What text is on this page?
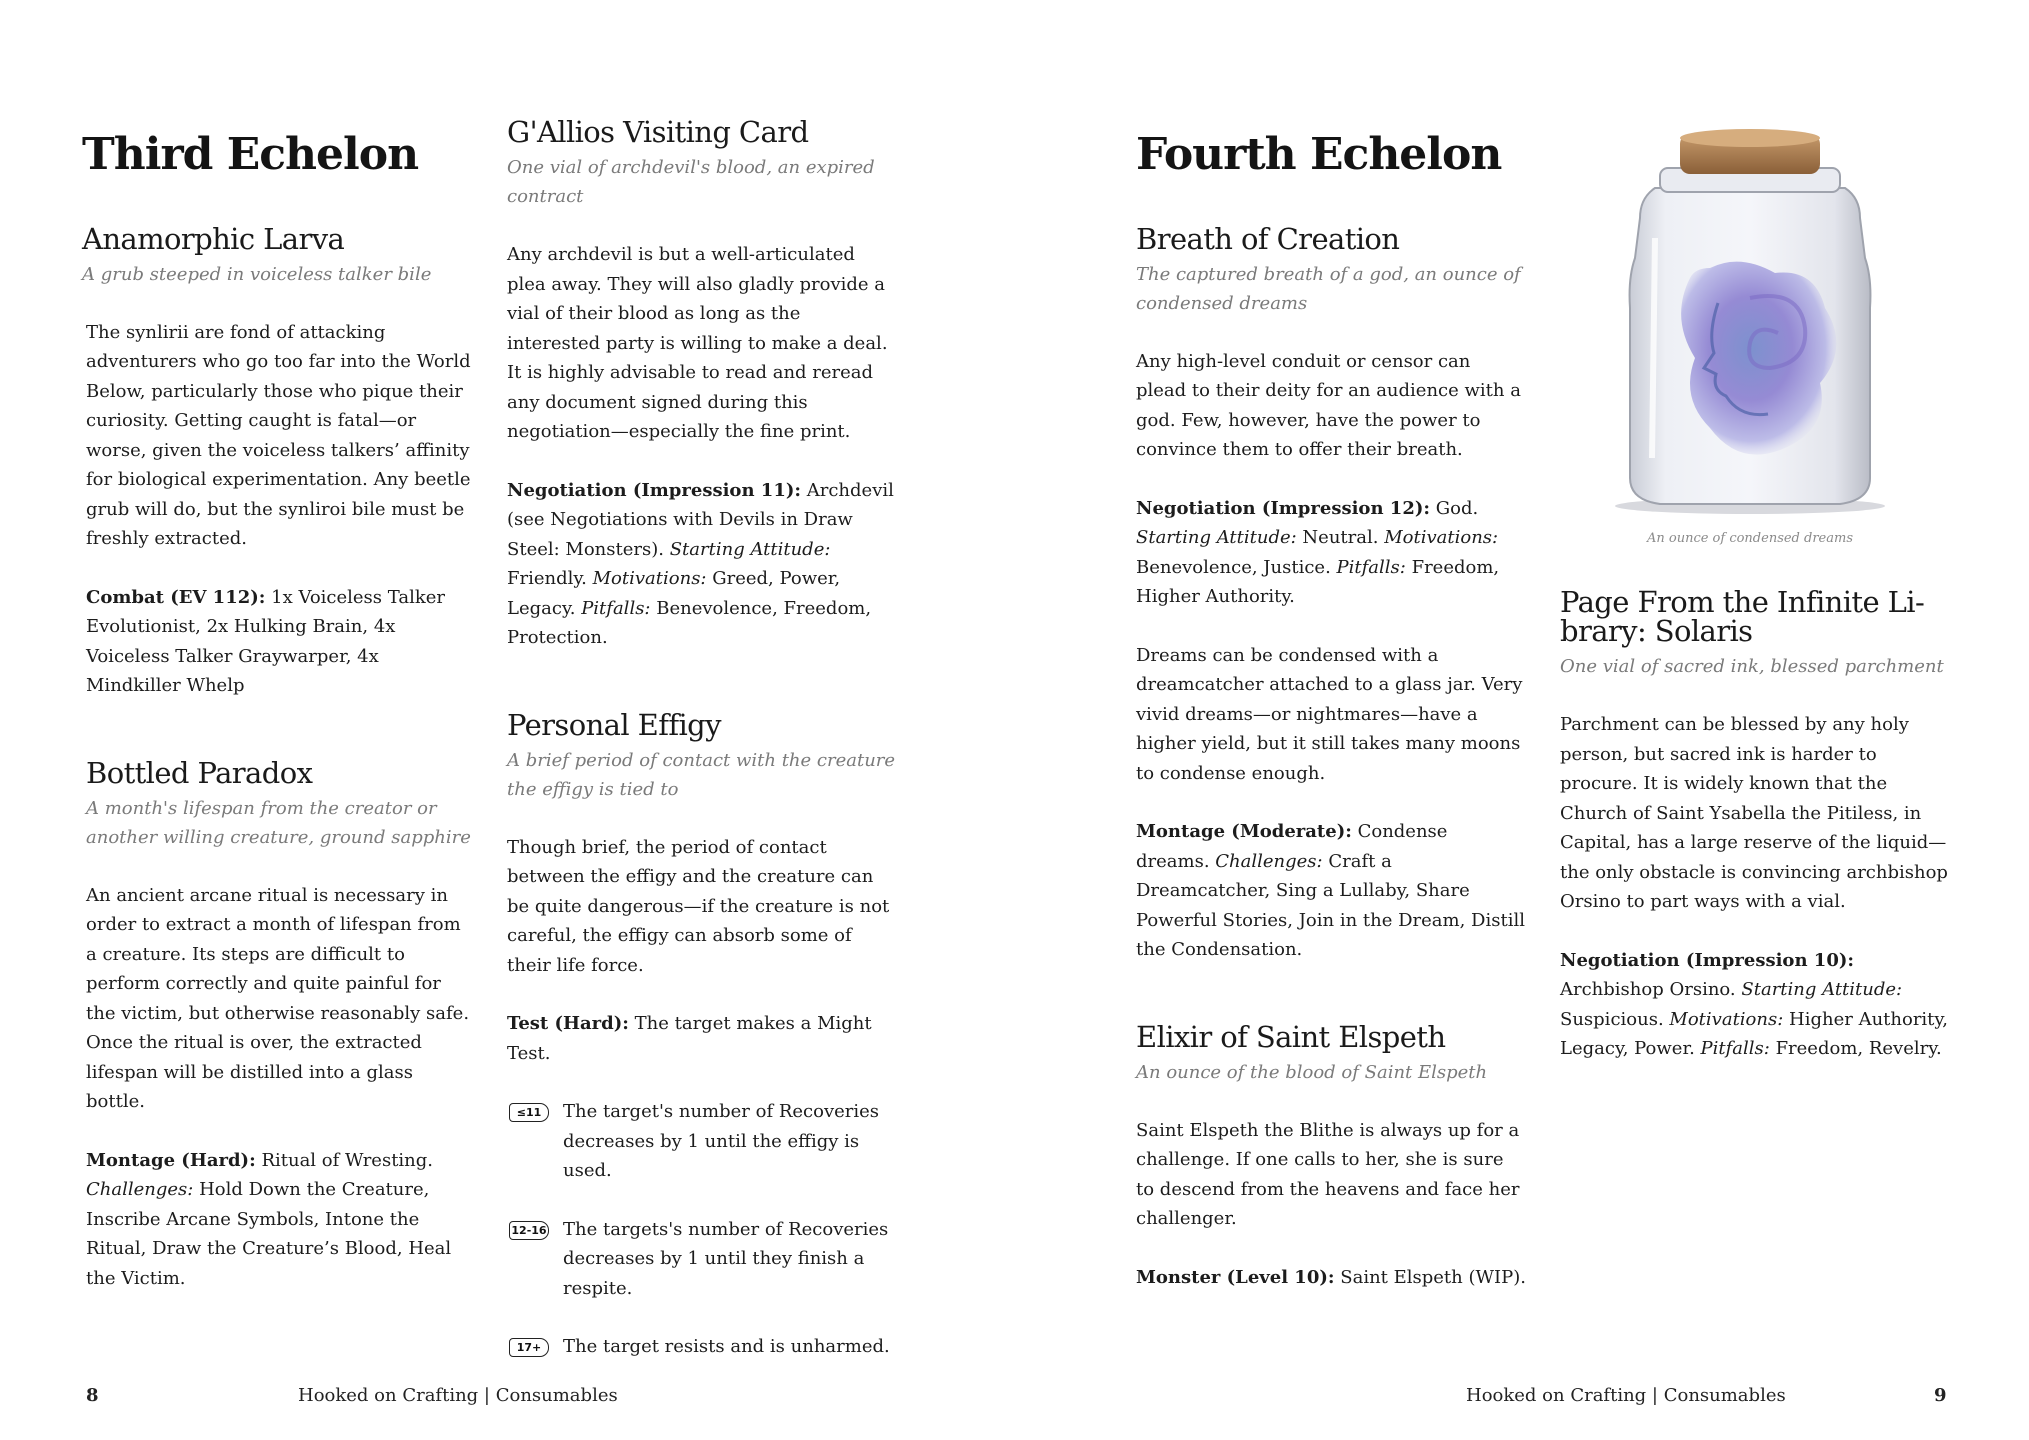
Third Echelon
Anamorphic Larva

A grub steeped in voiceless talker bile

The synlirii are fond of attacking adventurers who go too far into the World Below, particularly those who pique their curiosity. Getting caught is fatal—or worse, given the voiceless talkers’ affinity for biological experimentation. Any beetle grub will do, but the synliroi bile must be freshly extracted.

Combat (EV 112): 1x Voiceless Talker Evolutionist, 2x Hulking Brain, 4x Voiceless Talker Graywarper, 4x Mindkiller Whelp

Bottled Paradox

A month's lifespan from the creator or another willing creature, ground sapphire

An ancient arcane ritual is necessary in order to extract a month of lifespan from a creature. Its steps are difficult to perform correctly and quite painful for the victim, but otherwise reasonably safe. Once the ritual is over, the extracted lifespan will be distilled into a glass bottle.

Montage (Hard): Ritual of Wresting. Challenges: Hold Down the Creature, Inscribe Arcane Symbols, Intone the Ritual, Draw the Creature’s Blood, Heal the Victim.

G'Allios Visiting Card

One vial of archdevil's blood, an expired contract

Any archdevil is but a well-articulated plea away. They will also gladly provide a vial of their blood as long as the interested party is willing to make a deal. It is highly advisable to read and reread any document signed during this negotiation—especially the fine print.

Negotiation (Impression 11): Archdevil (see Negotiations with Devils in Draw Steel: Monsters). Starting Attitude: Friendly. Motivations: Greed, Power, Legacy. Pitfalls: Benevolence, Freedom, Protection.

Personal Effigy

A brief period of contact with the creature the effigy is tied to

Though brief, the period of contact between the effigy and the creature can be quite dangerous—if the creature is not careful, the effigy can absorb some of their life force.

Test (Hard): The target makes a Might Test.

≤11	The target's number of Recoveries decreases by 1 until the effigy is used.
12-16 The targets's number of Recoveries decreases by 1 until they finish a respite.
17+	The target resists and is unharmed.
8	Hooked on Crafting | Consumables
Fourth Echelon
Breath of Creation

The captured breath of a god, an ounce of condensed dreams

Any high-level conduit or censor can plead to their deity for an audience with a god. Few, however, have the power to convince them to offer their breath.

Negotiation (Impression 12): God. Starting Attitude: Neutral. Motivations: Benevolence, Justice. Pitfalls: Freedom, Higher Authority.

Dreams can be condensed with a dreamcatcher attached to a glass jar. Very vivid dreams—or nightmares—have a higher yield, but it still takes many moons to condense enough.

Montage (Moderate): Condense dreams. Challenges: Craft a Dreamcatcher, Sing a Lullaby, Share Powerful Stories, Join in the Dream, Distill the Condensation.

Elixir of Saint Elspeth

An ounce of the blood of Saint Elspeth

Saint Elspeth the Blithe is always up for a challenge. If one calls to her, she is sure to descend from the heavens and face her challenger.

Monster (Level 10): Saint Elspeth (WIP).

An ounce of condensed dreams
Page From the Infinite Li-
brary: Solaris

One vial of sacred ink, blessed parchment

Parchment can be blessed by any holy person, but sacred ink is harder to procure. It is widely known that the Church of Saint Ysabella the Pitiless, in Capital, has a large reserve of the liquid—the only obstacle is convincing archbishop Orsino to part ways with a vial.

Negotiation (Impression 10): Archbishop Orsino. Starting Attitude: Suspicious. Motivations: Higher Authority, Legacy, Power. Pitfalls: Freedom, Revelry.

Hooked on Crafting | Consumables	9
